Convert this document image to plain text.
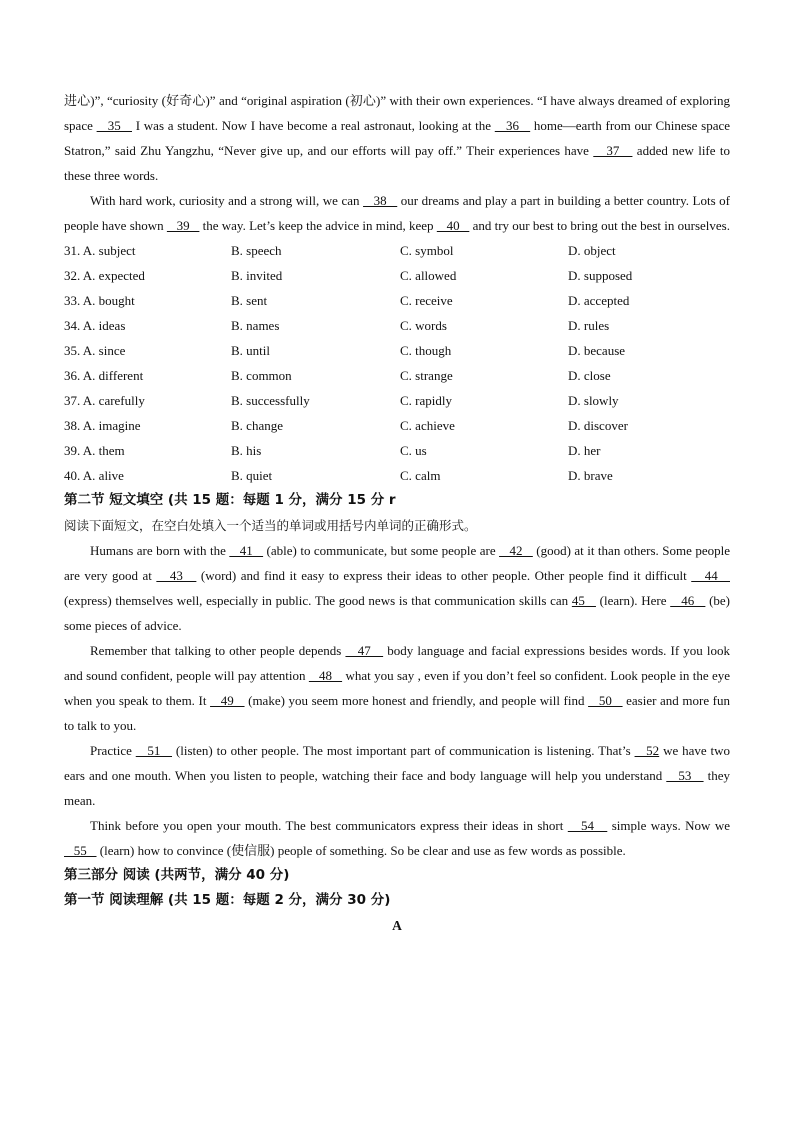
进心)”, “curiosity (好奇心)” and “original aspiration (初心)” with their own experiences. “I have always dreamed of exploring space    35    I was a student. Now I have become a real astronaut, looking at the    36    home—earth from our Chinese space Statron,” said Zhu Yangzhu, “Never give up, and our efforts will pay off.” Their experiences have    37    added new life to these three words.

With hard work, curiosity and a strong will, we can    38    our dreams and play a part in building a better country. Lots of people have shown    39    the way. Let’s keep the advice in mind, keep    40    and try our best to bring out the best in ourselves.

31. A. subject	B. speech	C. symbol	D. object
32. A. expected	B. invited	C. allowed	D. supposed
33. A. bought	B. sent	C. receive	D. accepted
34. A. ideas	B. names	C. words	D. rules
35. A. since	B. until	C. though	D. because
36. A. different	B. common	C. strange	D. close
37. A. carefully	B. successfully	C. rapidly	D. slowly
38. A. imagine	B. change	C. achieve	D. discover
39. A. them	B. his	C. us	D. her
40. A. alive	B. quiet	C. calm	D. brave

第二节 短文填空 (共 15 题：每题 1 分，满分 15 分 r

阅读下面短文，在空白处填入一个适当的单词或用括号内单词的正确形式。

Humans are born with the    41    (able) to communicate, but some people are    42    (good) at it than others. Some people are very good at    43    (word) and find it easy to express their ideas to other people. Other people find it difficult    44    (express) themselves well, especially in public. The good news is that communication skills can 45    (learn). Here    46    (be) some pieces of advice.

Remember that talking to other people depends    47    body language and facial expressions besides words. If you look and sound confident, people will pay attention    48    what you say , even if you don’t feel so confident. Look people in the eye when you speak to them. It    49    (make) you seem more honest and friendly, and people will find    50    easier and more fun to talk to you.

Practice    51    (listen) to other people. The most important part of communication is listening. That’s    52 we have two ears and one mouth. When you listen to people, watching their face and body language will help you understand    53    they mean.

Think before you open your mouth. The best communicators express their ideas in short    54    simple ways. Now we    55    (learn) how to convince (使信服) people of something. So be clear and use as few words as possible.

第三部分 阅读 (共两节，满分 40 分)

第一节 阅读理解 (共 15 题：每题 2 分，满分 30 分)

A
